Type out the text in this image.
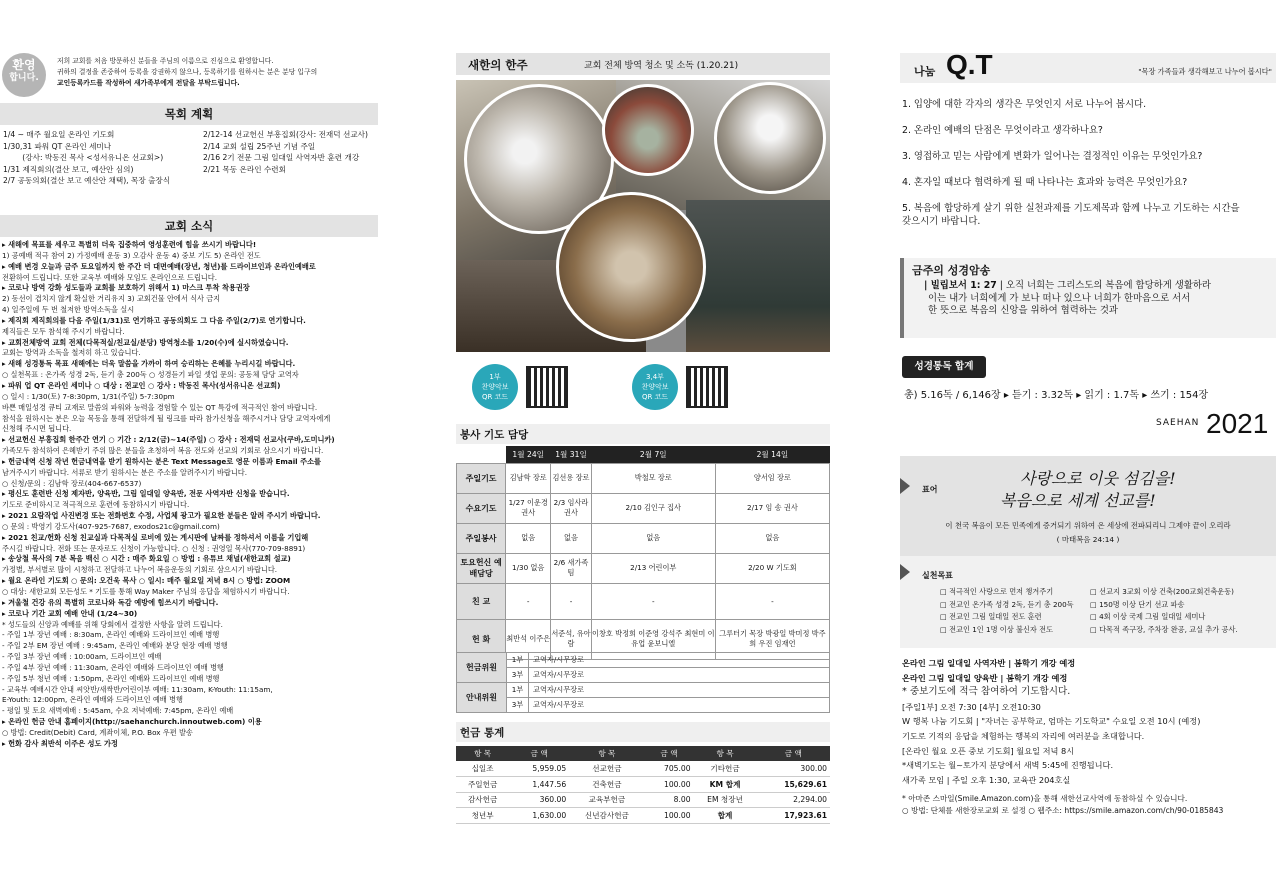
환영
합니다.
저희 교회를 처음 방문하신 분들을 주님의 이름으로 진심으로 환영합니다.
귀하의 결정을 존중하여 등록을 강권하지 않으나, 등록하기를 원하시는 분은 분당 입구의
교인등록카드를 작성하여 새가족부에게 전달을 부탁드립니다.
목회 계획
1/4 ~ 매주 월요일 온라인 기도회	2/12-14 선교헌신 부흥집회(강사: 전재덕 선교사)
1/30,31 파워 QT 온라인 세미나	2/14 교회 설립 25주년 기념 주일
(강사: 박동진 목사 <성서유니온 선교회>)	2/16 2기 전문 그림 일대일 사역자반 훈련 개강
1/31 제직회의(결산 보고, 예산안 심의)	2/21 목동 온라인 수련회
2/7 공동의회(결산 보고 예산안 채택), 목장 출장식
교회 소식
▸ 새해에 목표를 세우고 특별히 더욱 집중하여 영성훈련에 힘을 쓰시기 바랍니다!
1) 공예배 적극 참여 2) 가정예배 운동 3) 오감사 운동 4) 중보 기도 5) 온라인 전도
▸ 예배 변경 오늘과 금주 토요일까지 한 주간 더 대면예배(장년, 청년)를 드라이브인과 온라인예배로
전환하여 드립니다. 또한 교육부 예배와 모임도 온라인으로 드립니다.
▸ 코로나 방역 강화 성도들과 교회를 보호하기 위해서 1) 마스크 투착 착용권장
2) 동선이 겹치지 않게 확실한 거리유지 3) 교회건물 안에서 식사 금지
4) 일주일에 두 번 철저한 방역소독을 실시
▸ 제직회 제직회의를 다음 주일(1/31)로 연기하고 공동의회도 그 다음 주일(2/7)로 연기합니다.
제직들은 모두 참석해 주시기 바랍니다.
▸ 교회전체방역 교회 전체(다목적실/친교실/분당) 방역청소를 1/20(수)에 실시하였습니다.
교회는 방역과 소독을 철저히 하고 있습니다.
▸ 새해 성경통독 목표 새해에는 더욱 말씀을 가까이 하여 승리하는 은혜를 누리시길 바랍니다.
○ 실천목표 : 온가족 성경 2독, 듣기 총 200독 ○ 성경듣기 파일 셋업 문의: 공동체 담당 교역자
▸ 파워 업 QT 온라인 세미나 ○ 대상 : 전교인 ○ 강사 : 박동진 목사(성서유니온 선교회)
○ 일시 : 1/30(토) 7-8:30pm, 1/31(주일) 5-7:30pm
바쁜 매일성경 큐티 교재로 말씀의 파워와 능력을 경험할 수 있는 QT 특강에 적극적인 참여 바랍니다.
참석을 원하시는 분은 오늘 목동을 통해 전달하게 될 링크를 따라 참가신청을 해주시거나 담당 교역자에게
신청해 주시면 됩니다.
▸ 선교헌신 부흥집회 한주간 연기 ○ 기간 : 2/12(금)~14(주일) ○ 강사 : 전재덕 선교사(쿠바,도미니카)
가족모두 참석하여 은혜받기 주위 많은 분들을 초청하여 복음 전도와 선교의 기회로 삼으시기 바랍니다.
▸ 헌금내역 신청 작년 헌금내역을 받기 원하시는 분은 Text Message로 영문 이름과 Email 주소를
남겨주시기 바랍니다. 서류로 받기 원하시는 분은 주소를 알려주시기 바랍니다.
○ 신청/문의 : 김남학 장로(404-667-6537)
▸ 평신도 훈련반 신청 제자반, 양육반, 그림 일대일 양육반, 전문 사역자반 신청을 받습니다.
기도로 준비하시고 적극적으로 훈련에 동참하시기 바랍니다.
▸ 2021 요람작업 사진변경 또는 전화번호 수정, 사업체 광고가 필요한 분들은 알려 주시기 바랍니다.
○ 문의 : 박영기 강도사(407-925-7687, exodos21c@gmail.com)
▸ 2021 친교/헌화 신청 친교실과 다목적실 로비에 있는 게시판에 날짜를 정하셔서 이름을 기입해
주시길 바랍니다. 전화 또는 문자로도 신청이 가능합니다. ○ 신청 : 권영일 목사(770-709-8891)
▸ 송상철 목사의 7분 복음 백신 ○ 시간 : 매주 화요일 ○ 방법 : 유튜브 채널(새한교회 설교)
가정별, 부서별로 많이 시청하고 전달하고 나누어 복음운동의 기회로 삼으시기 바랍니다.
▸ 월요 온라인 기도회 ○ 문의: 오건욱 목사 ○ 일시: 매주 월요일 저녁 8시 ○ 방법: ZOOM
○ 대상: 새한교회 모든성도 * 기도를 통해 Way Maker 주님의 응답을 체험하시기 바랍니다.
▸ 겨울철 건강 유의 특별히 코로나와 독감 예방에 힘쓰시기 바랍니다.
▸ 코로나 기간 교회 예배 안내 (1/24~30)
* 성도들의 신앙과 예배를 위해 당회에서 결정한 사항을 알려 드립니다.
- 주일 1부 장년 예배 : 8:30am, 온라인 예배와 드라이브인 예배 병행
- 주일 2부 EM 장년 예배 : 9:45am, 온라인 예배와 분당 현장 예배 병행
- 주일 3부 장년 예배 : 10:00am, 드라이브인 예배
- 주일 4부 장년 예배 : 11:30am, 온라인 예배와 드라이브인 예배 병행
- 주일 5부 청년 예배 : 1:50pm, 온라인 예배와 드라이브인 예배 병행
- 교육부 예배시간 안내 씨앗반/새싹반/어린이부 예배: 11:30am, K-Youth: 11:15am,
E-Youth: 12:00pm, 온라인 예배와 드라이브인 예배 병행
- 평일 및 토요 새벽예배 : 5:45am, 수요 저녁예배: 7:45pm, 온라인 예배
▸ 온라인 헌금 안내 홈페이지(http://saehanchurch.innoutweb.com) 이용
○ 방법: Credit(Debit) Card, 계좌이체, P.O. Box 우편 발송
▸ 헌화 감사 최반석 이주은 성도 가정
새한의 한주	교회 전체 방역 청소 및 소독 (1.20.21)
1부
찬양악보
QR 코드
3,4부
찬양악보
QR 코드
봉사 기도 담당
	1월 24일	1월 31일	2월 7일	2월 14일
주일기도	김남학 장로	김선용 장로	박철모 장로	양서임 장로
수요기도	1/27 이운경 권사	2/3 임사라 권사	2/10 김인구 집사	2/17 임 송 권사
주일봉사	없음	없음	없음	없음
토요헌신 예배담당	1/30 없음	2/6 새가족팀	2/13 어린이부	2/20 W 기도회
친 교	-	-	-	-
헌 화	최반석 이주은	서준석, 유아람	이창호 박정희 이준영 강석주 최현미 이유업 윤보니엘	그루터기 목장 박광일 박미정 박주희 우진 임재언
헌금위원	1부	교역자/시무장로
	3부	교역자/시무장로
안내위원	1부	교역자/시무장로
	3부	교역자/시무장로
헌금 통계
항 목	금 액	항 목	금 액	항 목	금 액
십일조	5,959.05	선교헌금	705.00	기타헌금	300.00
주일헌금	1,447.56	건축헌금	100.00	KM 합계	15,629.61
감사헌금	360.00	교육부헌금	8.00	EM 청장년	2,294.00
청년부	1,630.00	신년감사헌금	100.00	합계	17,923.61
나눔 Q.T	"목장 가족들과 생각해보고 나누어 봅시다"
1. 입양에 대한 각자의 생각은 무엇인지 서로 나누어 봅시다.
2. 온라인 예배의 단점은 무엇이라고 생각하나요?
3. 영접하고 믿는 사람에게 변화가 일어나는 결정적인 이유는 무엇인가요?
4. 혼자일 때보다 협력하게 될 때 나타나는 효과와 능력은 무엇인가요?
5. 복음에 합당하게 살기 위한 실천과제를 기도제목과 함께 나누고 기도하는 시간을
갖으시기 바랍니다.
금주의 성경암송
| 빌립보서 1: 27 | 오직 너희는 그리스도의 복음에 합당하게 생활하라
이는 내가 너희에게 가 보나 떠나 있으나 너희가 한마음으로 서서
한 뜻으로 복음의 신앙을 위하여 협력하는 것과
성경통독 합계
총) 5.16독 / 6,146장 ▸ 듣기 : 3.32독 ▸ 읽기 : 1.7독 ▸ 쓰기 : 154장
SAEHAN 2021
표어
사랑으로 이웃 섬김을!
복음으로 세계 선교를!
이 천국 복음이 모든 민족에게 증거되기 위하여 온 세상에 전파되리니 그제야 끝이 오리라
( 마태복음 24:14 )
실천목표
□ 적극적인 사랑으로 먼저 챙겨주기	□ 선교지 3교회 이상 건축(200교회건축운동)
□ 전교인 온가족 성경 2독, 듣기 총 200독	□ 150명 이상 단기 선교 파송
□ 전교인 그림 일대일 전도 훈련	□ 4회 이상 국제 그림 일대일 세미나
□ 전교인 1인 1명 이상 불신자 전도	□ 다목적 족구장, 주차장 완공, 교실 추가 공사.
온라인 그림 일대일 사역자반 | 봄학기 개강 예정
온라인 그림 일대일 양육반 | 봄학기 개강 예정
* 중보기도에 적극 참여하여 기도합시다.
[주일1부] 오전 7:30 [4부] 오전10:30
W 행복 나눔 기도회 | "자녀는 공부학교, 엄마는 기도학교" 수요일 오전 10시 (예정)
기도로 기적의 응답을 체험하는 행복의 자리에 여러분을 초대합니다.
[온라인 월요 오픈 중보 기도회] 월요일 저녁 8시
*새벽기도는 월~토가지 분당에서 새벽 5:45에 진행됩니다.
새가족 모임 | 주일 오후 1:30, 교육관 204호실
* 아마존 스마일(Smile.Amazon.com)을 통해 새한선교사역에 동참하실 수 있습니다.
○ 방법: 단체를 새한장로교회 로 설정 ○ 웹주소: https://smile.amazon.com/ch/90-0185843
